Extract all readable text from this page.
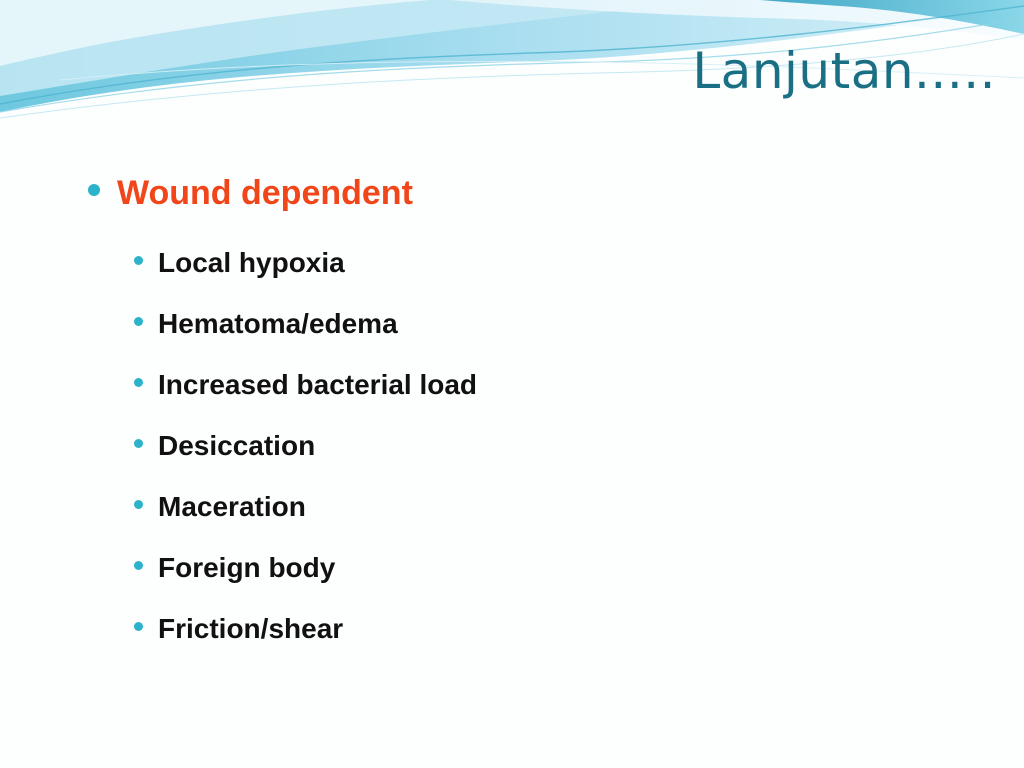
Lanjutan.....
Wound dependent
Local hypoxia
Hematoma/edema
Increased bacterial load
Desiccation
Maceration
Foreign body
Friction/shear
